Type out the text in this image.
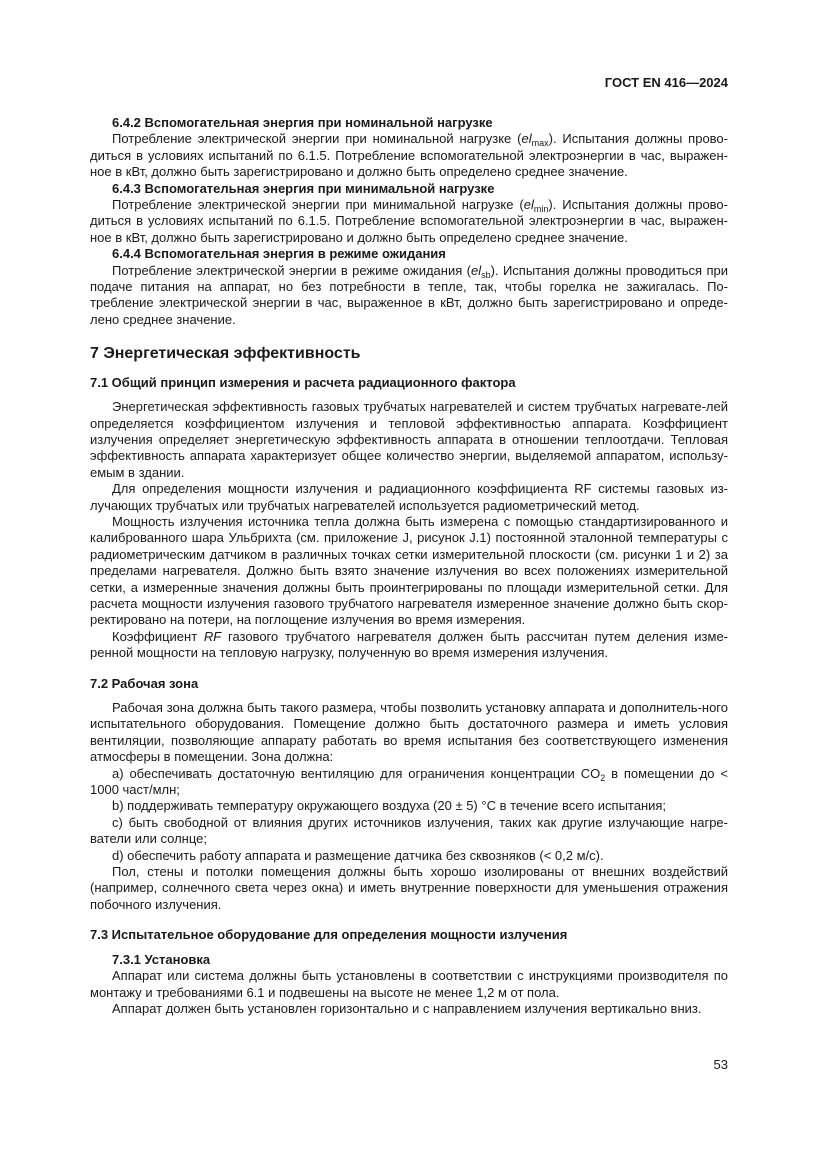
ГОСТ EN 416—2024

6.4.2 Вспомогательная энергия при номинальной нагрузке

Потребление электрической энергии при номинальной нагрузке $(el_{max})$. Испытания должны прово-диться в условиях испытаний по 6.1.5. Потребление вспомогательной электроэнергии в час, выражен-ное в кВт, должно быть зарегистрировано и должно быть определено среднее значение.

6.4.3 Вспомогательная энергия при минимальной нагрузке

Потребление электрической энергии при минимальной нагрузке $(el_{min})$. Испытания должны прово-диться в условиях испытаний по 6.1.5. Потребление вспомогательной электроэнергии в час, выражен-ное в кВт, должно быть зарегистрировано и должно быть определено среднее значение.

6.4.4 Вспомогательная энергия в режиме ожидания

Потребление электрической энергии в режиме ожидания $(el_{sb})$. Испытания должны проводиться при подаче питания на аппарат, но без потребности в тепле, так, чтобы горелка не зажигалась. По-требление электрической энергии в час, выраженное в кВт, должно быть зарегистрировано и опреде-лено среднее значение.

7 Энергетическая эффективность
7.1 Общий принцип измерения и расчета радиационного фактора

Энергетическая эффективность газовых трубчатых нагревателей и систем трубчатых нагревате-лей определяется коэффициентом излучения и тепловой эффективностью аппарата. Коэффициент излучения определяет энергетическую эффективность аппарата в отношении теплоотдачи. Тепловая эффективность аппарата характеризует общее количество энергии, выделяемой аппаратом, использу-емым в здании.

Для определения мощности излучения и радиационного коэффициента RF системы газовых из-лучающих трубчатых или трубчатых нагревателей используется радиометрический метод.

Мощность излучения источника тепла должна быть измерена с помощью стандартизированного и калиброванного шара Ульбрихта (см. приложение J, рисунок J.1) постоянной эталонной температуры с радиометрическим датчиком в различных точках сетки измерительной плоскости (см. рисунки 1 и 2) за пределами нагревателя. Должно быть взято значение излучения во всех положениях измерительной сетки, а измеренные значения должны быть проинтегрированы по площади измерительной сетки. Для расчета мощности излучения газового трубчатого нагревателя измеренное значение должно быть скор-ректировано на потери, на поглощение излучения во время измерения.

Коэффициент RF газового трубчатого нагревателя должен быть рассчитан путем деления изме-ренной мощности на тепловую нагрузку, полученную во время измерения излучения.

7.2 Рабочая зона

Рабочая зона должна быть такого размера, чтобы позволить установку аппарата и дополнитель-ного испытательного оборудования. Помещение должно быть достаточного размера и иметь условия вентиляции, позволяющие аппарату работать во время испытания без соответствующего изменения атмосферы в помещении. Зона должна:

a) обеспечивать достаточную вентиляцию для ограничения концентрации $CO_2$ в помещении до < 1000 част/млн;

b) поддерживать температуру окружающего воздуха (20 ± 5) °С в течение всего испытания;

c) быть свободной от влияния других источников излучения, таких как другие излучающие нагре-ватели или солнце;

d) обеспечить работу аппарата и размещение датчика без сквозняков (< 0,2 м/с).

Пол, стены и потолки помещения должны быть хорошо изолированы от внешних воздействий (например, солнечного света через окна) и иметь внутренние поверхности для уменьшения отражения побочного излучения.

7.3 Испытательное оборудование для определения мощности излучения

7.3.1 Установка

Аппарат или система должны быть установлены в соответствии с инструкциями производителя по монтажу и требованиями 6.1 и подвешены на высоте не менее 1,2 м от пола.

Аппарат должен быть установлен горизонтально и с направлением излучения вертикально вниз.

53
